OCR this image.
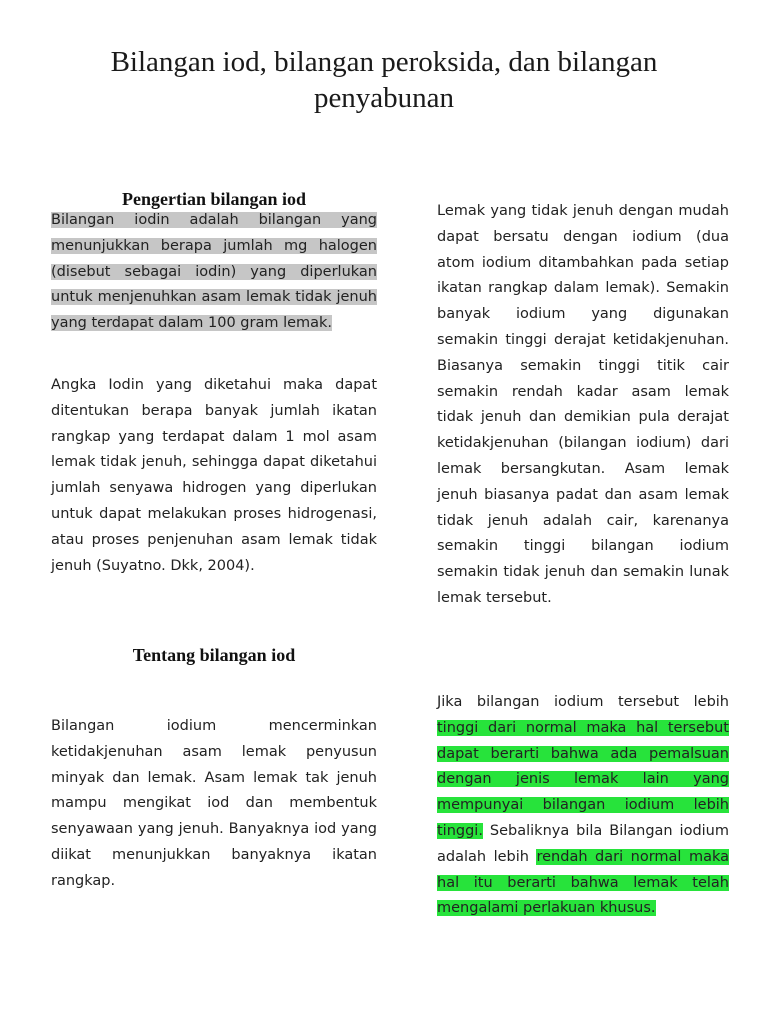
Bilangan iod, bilangan peroksida, dan bilangan penyabunan
Pengertian bilangan iod

Bilangan iodin adalah bilangan yang menunjukkan berapa jumlah mg halogen (disebut sebagai iodin) yang diperlukan untuk menjenuhkan asam lemak tidak jenuh yang terdapat dalam 100 gram lemak.

Angka Iodin yang diketahui maka dapat ditentukan berapa banyak jumlah ikatan rangkap yang terdapat dalam 1 mol asam lemak tidak jenuh, sehingga dapat diketahui jumlah senyawa hidrogen yang diperlukan untuk dapat melakukan proses hidrogenasi, atau proses penjenuhan asam lemak tidak jenuh (Suyatno. Dkk, 2004).

Tentang bilangan iod

Bilangan iodium mencerminkan ketidakjenuhan asam lemak penyusun minyak dan lemak. Asam lemak tak jenuh mampu mengikat iod dan membentuk senyawaan yang jenuh. Banyaknya iod yang diikat menunjukkan banyaknya ikatan rangkap.

Lemak yang tidak jenuh dengan mudah dapat bersatu dengan iodium (dua atom iodium ditambahkan pada setiap ikatan rangkap dalam lemak). Semakin banyak iodium yang digunakan semakin tinggi derajat ketidakjenuhan. Biasanya semakin tinggi titik cair semakin rendah kadar asam lemak tidak jenuh dan demikian pula derajat ketidakjenuhan (bilangan iodium) dari lemak bersangkutan. Asam lemak jenuh biasanya padat dan asam lemak tidak jenuh adalah cair, karenanya semakin tinggi bilangan iodium semakin tidak jenuh dan semakin lunak lemak tersebut.

Jika bilangan iodium tersebut lebih tinggi dari normal maka hal tersebut dapat berarti bahwa ada pemalsuan dengan jenis lemak lain yang mempunyai bilangan iodium lebih tinggi. Sebaliknya bila Bilangan iodium adalah lebih rendah dari normal maka hal itu berarti bahwa lemak telah mengalami perlakuan khusus.
